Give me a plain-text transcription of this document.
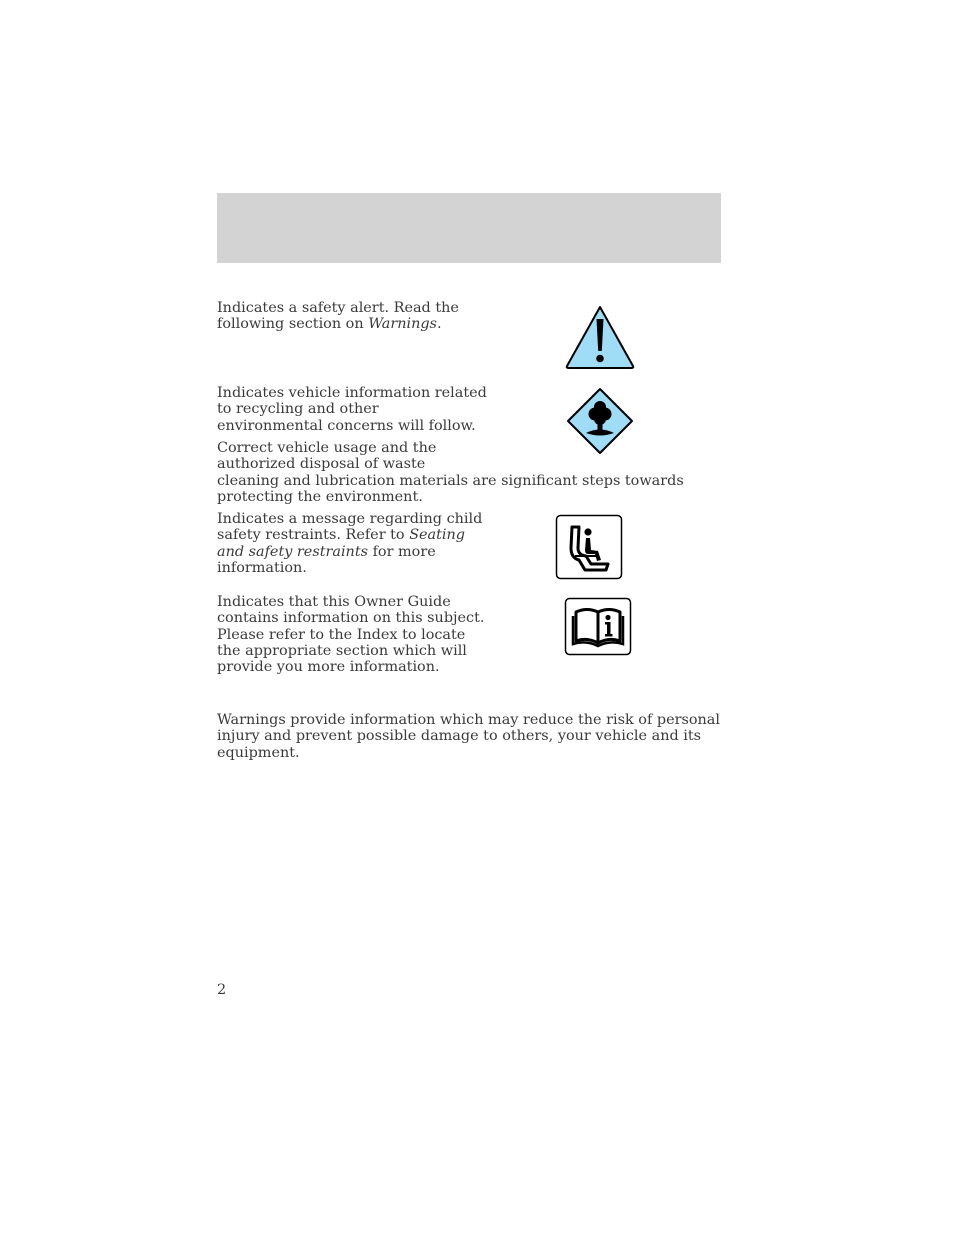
Indicates a safety alert. Read the
following section on Warnings.

Indicates vehicle information related
to recycling and other
environmental concerns will follow.

Correct vehicle usage and the
authorized disposal of waste
cleaning and lubrication materials are significant steps towards
protecting the environment.

Indicates a message regarding child
safety restraints. Refer to Seating
and safety restraints for more
information.

Indicates that this Owner Guide
contains information on this subject.
Please refer to the Index to locate
the appropriate section which will
provide you more information.

Warnings provide information which may reduce the risk of personal
injury and prevent possible damage to others, your vehicle and its
equipment.

2
